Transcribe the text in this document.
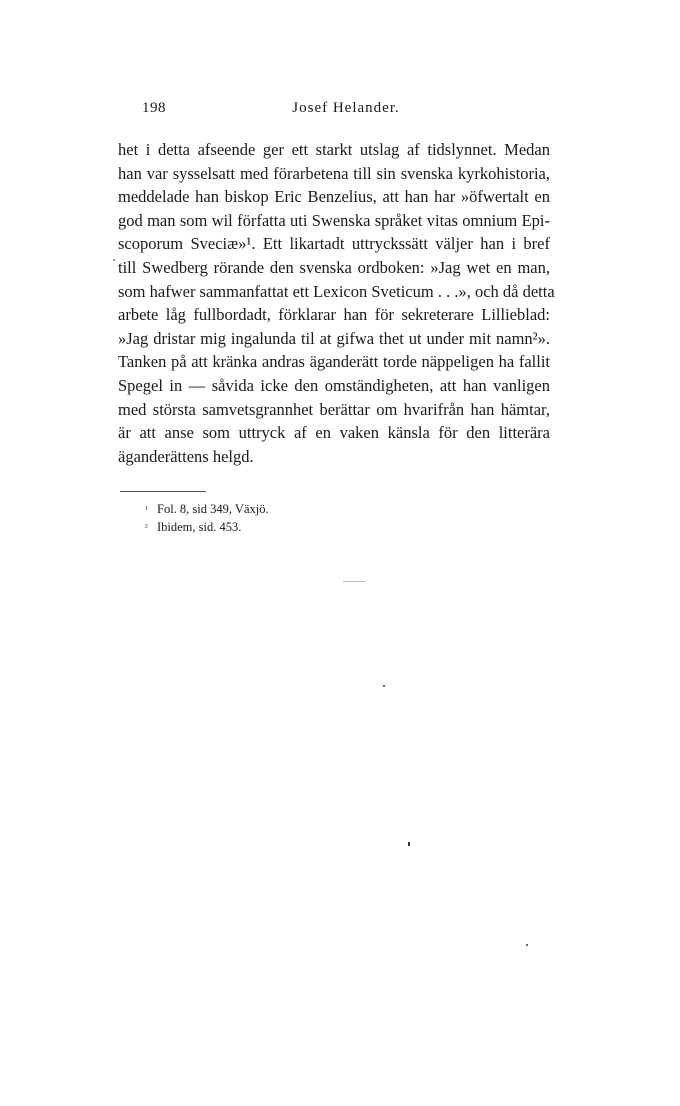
198	Josef Helander.
het i detta afseende ger ett starkt utslag af tidslynnet. Medan
han var sysselsatt med förarbetena till sin svenska kyrkohistoria,
meddelade han biskop Eric Benzelius, att han har »öfwertalt en
god man som wil författa uti Swenska språket vitas omnium Epi-
scoporum Sveciæ»¹. Ett likartadt uttryckssätt väljer han i bref
till Swedberg rörande den svenska ordboken: »Jag wet en man,
som hafwer sammanfattat ett Lexicon Sveticum . . .», och då detta
arbete låg fullbordadt, förklarar han för sekreterare Lillieblad:
»Jag dristar mig ingalunda til at gifwa thet ut under mit namn²».
Tanken på att kränka andras äganderätt torde näppeligen ha fallit
Spegel in — såvida icke den omständigheten, att han vanligen
med största samvetsgrannhet berättar om hvarifrån han hämtar,
är att anse som uttryck af en vaken känsla för den litterära
äganderättens helgd.
¹ Fol. 8, sid 349, Växjö.
² Ibidem, sid. 453.
